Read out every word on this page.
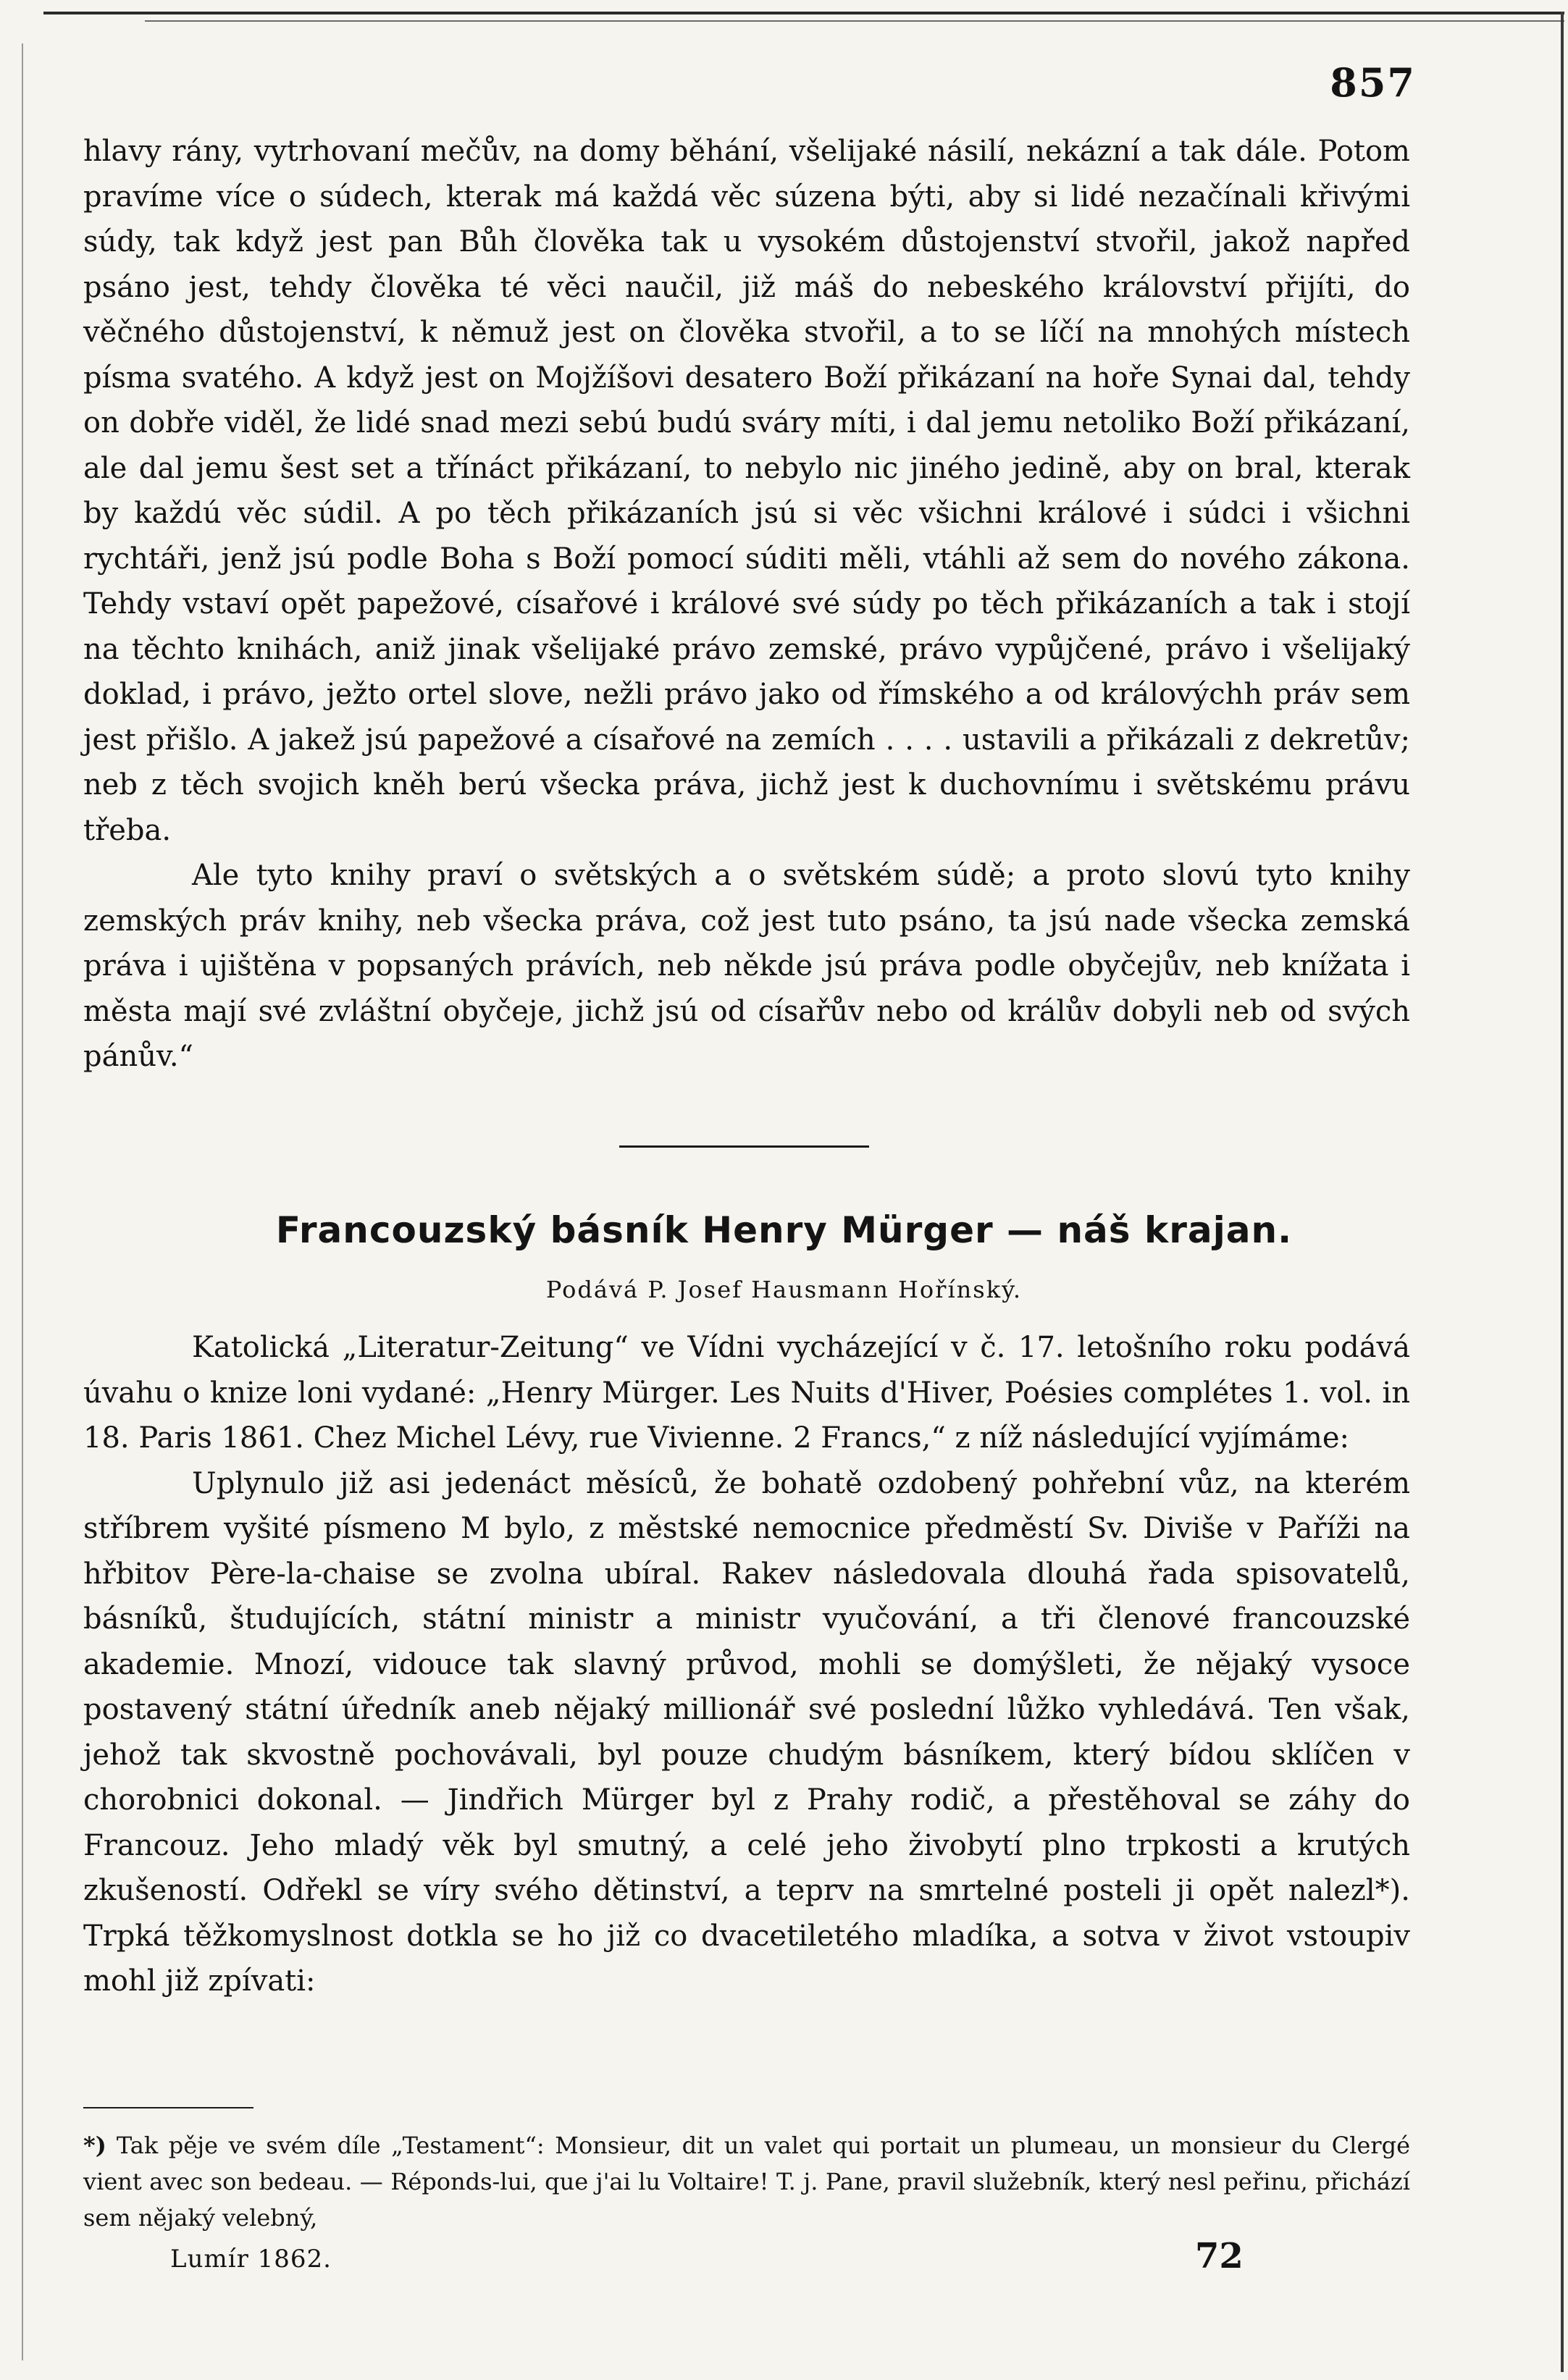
857

hlavy rány, vytrhovaní mečův, na domy běhání, všelijaké násilí, nekázní a tak dále. Potom pravíme více o súdech, kterak má každá věc súzena býti, aby si lidé nezačínali křivými súdy, tak když jest pan Bůh člověka tak u vysokém důstojenství stvořil, jakož napřed psáno jest, tehdy člověka té věci naučil, již máš do nebeského království přijíti, do věčného důstojenství, k němuž jest on člověka stvořil, a to se líčí na mnohých místech písma svatého. A když jest on Mojžíšovi desatero Boží přikázaní na hoře Synai dal, tehdy on dobře viděl, že lidé snad mezi sebú budú sváry míti, i dal jemu netoliko Boží přikázaní, ale dal jemu šest set a třínáct přikázaní, to nebylo nic jiného jedině, aby on bral, kterak by každú věc súdil. A po těch přikázaních jsú si věc všichni králové i súdci i všichni rychtáři, jenž jsú podle Boha s Boží pomocí súditi měli, vtáhli až sem do nového zákona. Tehdy vstaví opět papežové, císařové i králové své súdy po těch přikázaních a tak i stojí na těchto knihách, aniž jinak všelijaké právo zemské, právo vypůjčené, právo i všelijaký doklad, i právo, ježto ortel slove, nežli právo jako od římského a od královýchh práv sem jest přišlo. A jakež jsú papežové a císařové na zemích . . . . ustavili a přikázali z dekretův; neb z těch svojich kněh berú všecka práva, jichž jest k duchovnímu i světskému právu třeba.

Ale tyto knihy praví o světských a o světském súdě; a proto slovú tyto knihy zemských práv knihy, neb všecka práva, což jest tuto psáno, ta jsú nade všecka zemská práva i ujištěna v popsaných právích, neb někde jsú práva podle obyčejův, neb knížata i města mají své zvláštní obyčeje, jichž jsú od císařův nebo od králův dobyli neb od svých pánův.“

Francouzský básník Henry Mürger — náš krajan.
Podává P. Josef Hausmann Hořínský.

Katolická „Literatur-Zeitung“ ve Vídni vycházející v č. 17. letošního roku podává úvahu o knize loni vydané: „Henry Mürger. Les Nuits d'Hiver, Poésies complétes 1. vol. in 18. Paris 1861. Chez Michel Lévy, rue Vivienne. 2 Francs,“ z níž následující vyjímáme:

Uplynulo již asi jedenáct měsíců, že bohatě ozdobený pohřební vůz, na kterém stříbrem vyšité písmeno M bylo, z městské nemocnice předměstí Sv. Diviše v Paříži na hřbitov Père-la-chaise se zvolna ubíral. Rakev následovala dlouhá řada spisovatelů, básníků, študujících, státní ministr a ministr vyučování, a tři členové francouzské akademie. Mnozí, vidouce tak slavný průvod, mohli se domýšleti, že nějaký vysoce postavený státní úředník aneb nějaký millionář své poslední lůžko vyhledává. Ten však, jehož tak skvostně pochovávali, byl pouze chudým básníkem, který bídou sklíčen v chorobnici dokonal. — Jindřich Mürger byl z Prahy rodič, a přestěhoval se záhy do Francouz. Jeho mladý věk byl smutný, a celé jeho živobytí plno trpkosti a krutých zkušeností. Odřekl se víry svého dětinství, a teprv na smrtelné posteli ji opět nalezl*). Trpká těžkomyslnost dotkla se ho již co dvacetiletého mladíka, a sotva v život vstoupiv mohl již zpívati:

*) Tak pěje ve svém díle „Testament“: Monsieur, dit un valet qui portait un plumeau, un monsieur du Clergé vient avec son bedeau. — Réponds-lui, que j'ai lu Voltaire! T. j. Pane, pravil služebník, který nesl peřinu, přichází sem nějaký velebný,
Lumír 1862.	72
